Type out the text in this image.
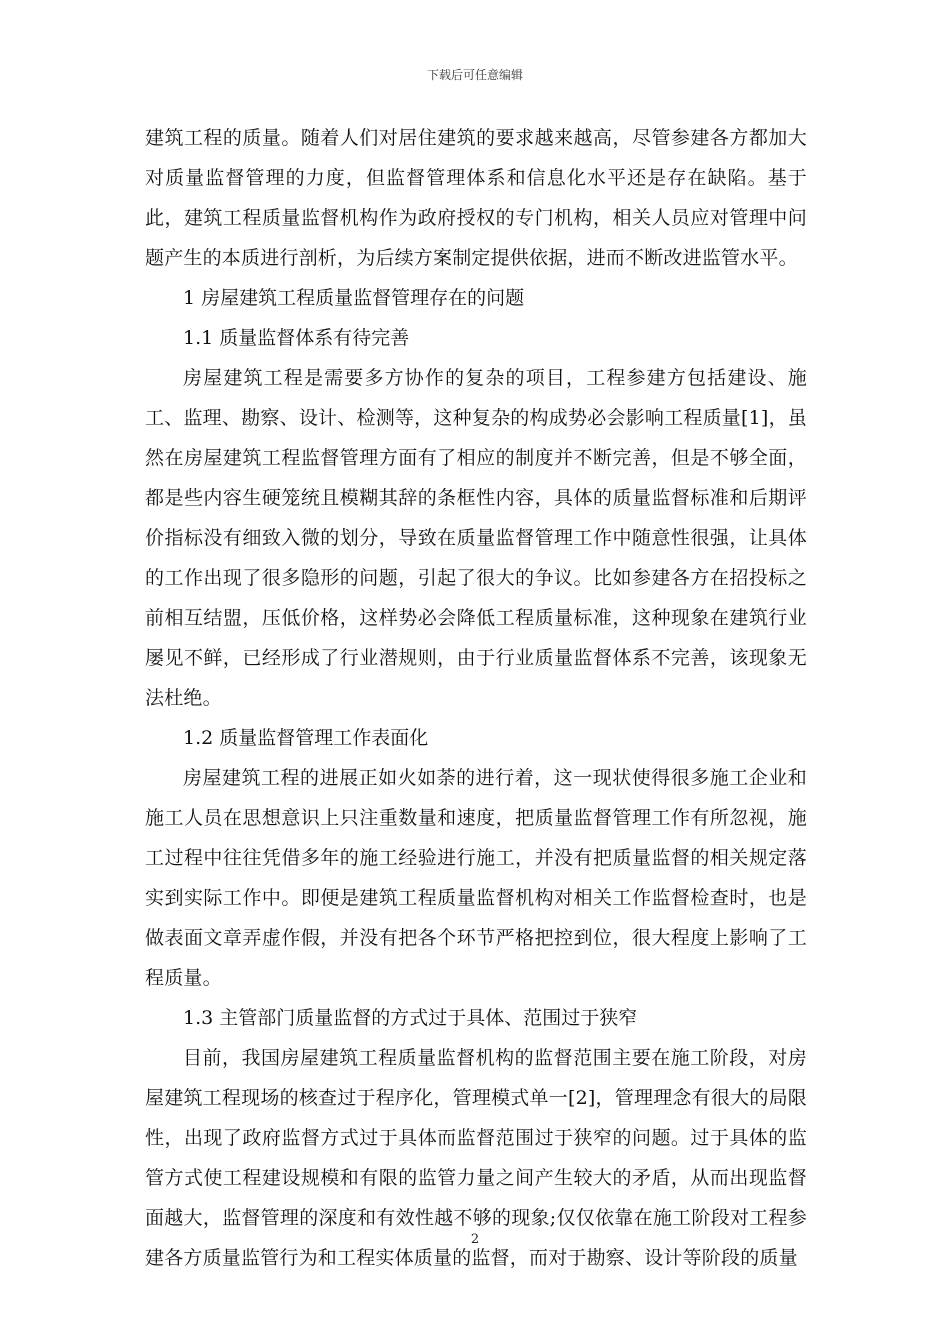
下载后可任意编辑

建筑工程的质量。随着人们对居住建筑的要求越来越高，尽管参建各方都加大对质量监督管理的力度，但监督管理体系和信息化水平还是存在缺陷。基于此，建筑工程质量监督机构作为政府授权的专门机构，相关人员应对管理中问题产生的本质进行剖析，为后续方案制定提供依据，进而不断改进监管水平。

1 房屋建筑工程质量监督管理存在的问题

1.1 质量监督体系有待完善

房屋建筑工程是需要多方协作的复杂的项目，工程参建方包括建设、施工、监理、勘察、设计、检测等，这种复杂的构成势必会影响工程质量[1]，虽然在房屋建筑工程监督管理方面有了相应的制度并不断完善，但是不够全面，都是些内容生硬笼统且模糊其辞的条框性内容，具体的质量监督标准和后期评价指标没有细致入微的划分，导致在质量监督管理工作中随意性很强，让具体的工作出现了很多隐形的问题，引起了很大的争议。比如参建各方在招投标之前相互结盟，压低价格，这样势必会降低工程质量标准，这种现象在建筑行业屡见不鲜，已经形成了行业潜规则，由于行业质量监督体系不完善，该现象无法杜绝。

1.2 质量监督管理工作表面化

房屋建筑工程的进展正如火如荼的进行着，这一现状使得很多施工企业和施工人员在思想意识上只注重数量和速度，把质量监督管理工作有所忽视，施工过程中往往凭借多年的施工经验进行施工，并没有把质量监督的相关规定落实到实际工作中。即便是建筑工程质量监督机构对相关工作监督检查时，也是做表面文章弄虚作假，并没有把各个环节严格把控到位，很大程度上影响了工程质量。

1.3 主管部门质量监督的方式过于具体、范围过于狭窄

目前，我国房屋建筑工程质量监督机构的监督范围主要在施工阶段，对房屋建筑工程现场的核查过于程序化，管理模式单一[2]，管理理念有很大的局限性，出现了政府监督方式过于具体而监督范围过于狭窄的问题。过于具体的监管方式使工程建设规模和有限的监管力量之间产生较大的矛盾，从而出现监督面越大，监督管理的深度和有效性越不够的现象;仅仅依靠在施工阶段对工程参建各方质量监管行为和工程实体质量的监督，而对于勘察、设计等阶段的质量

2
